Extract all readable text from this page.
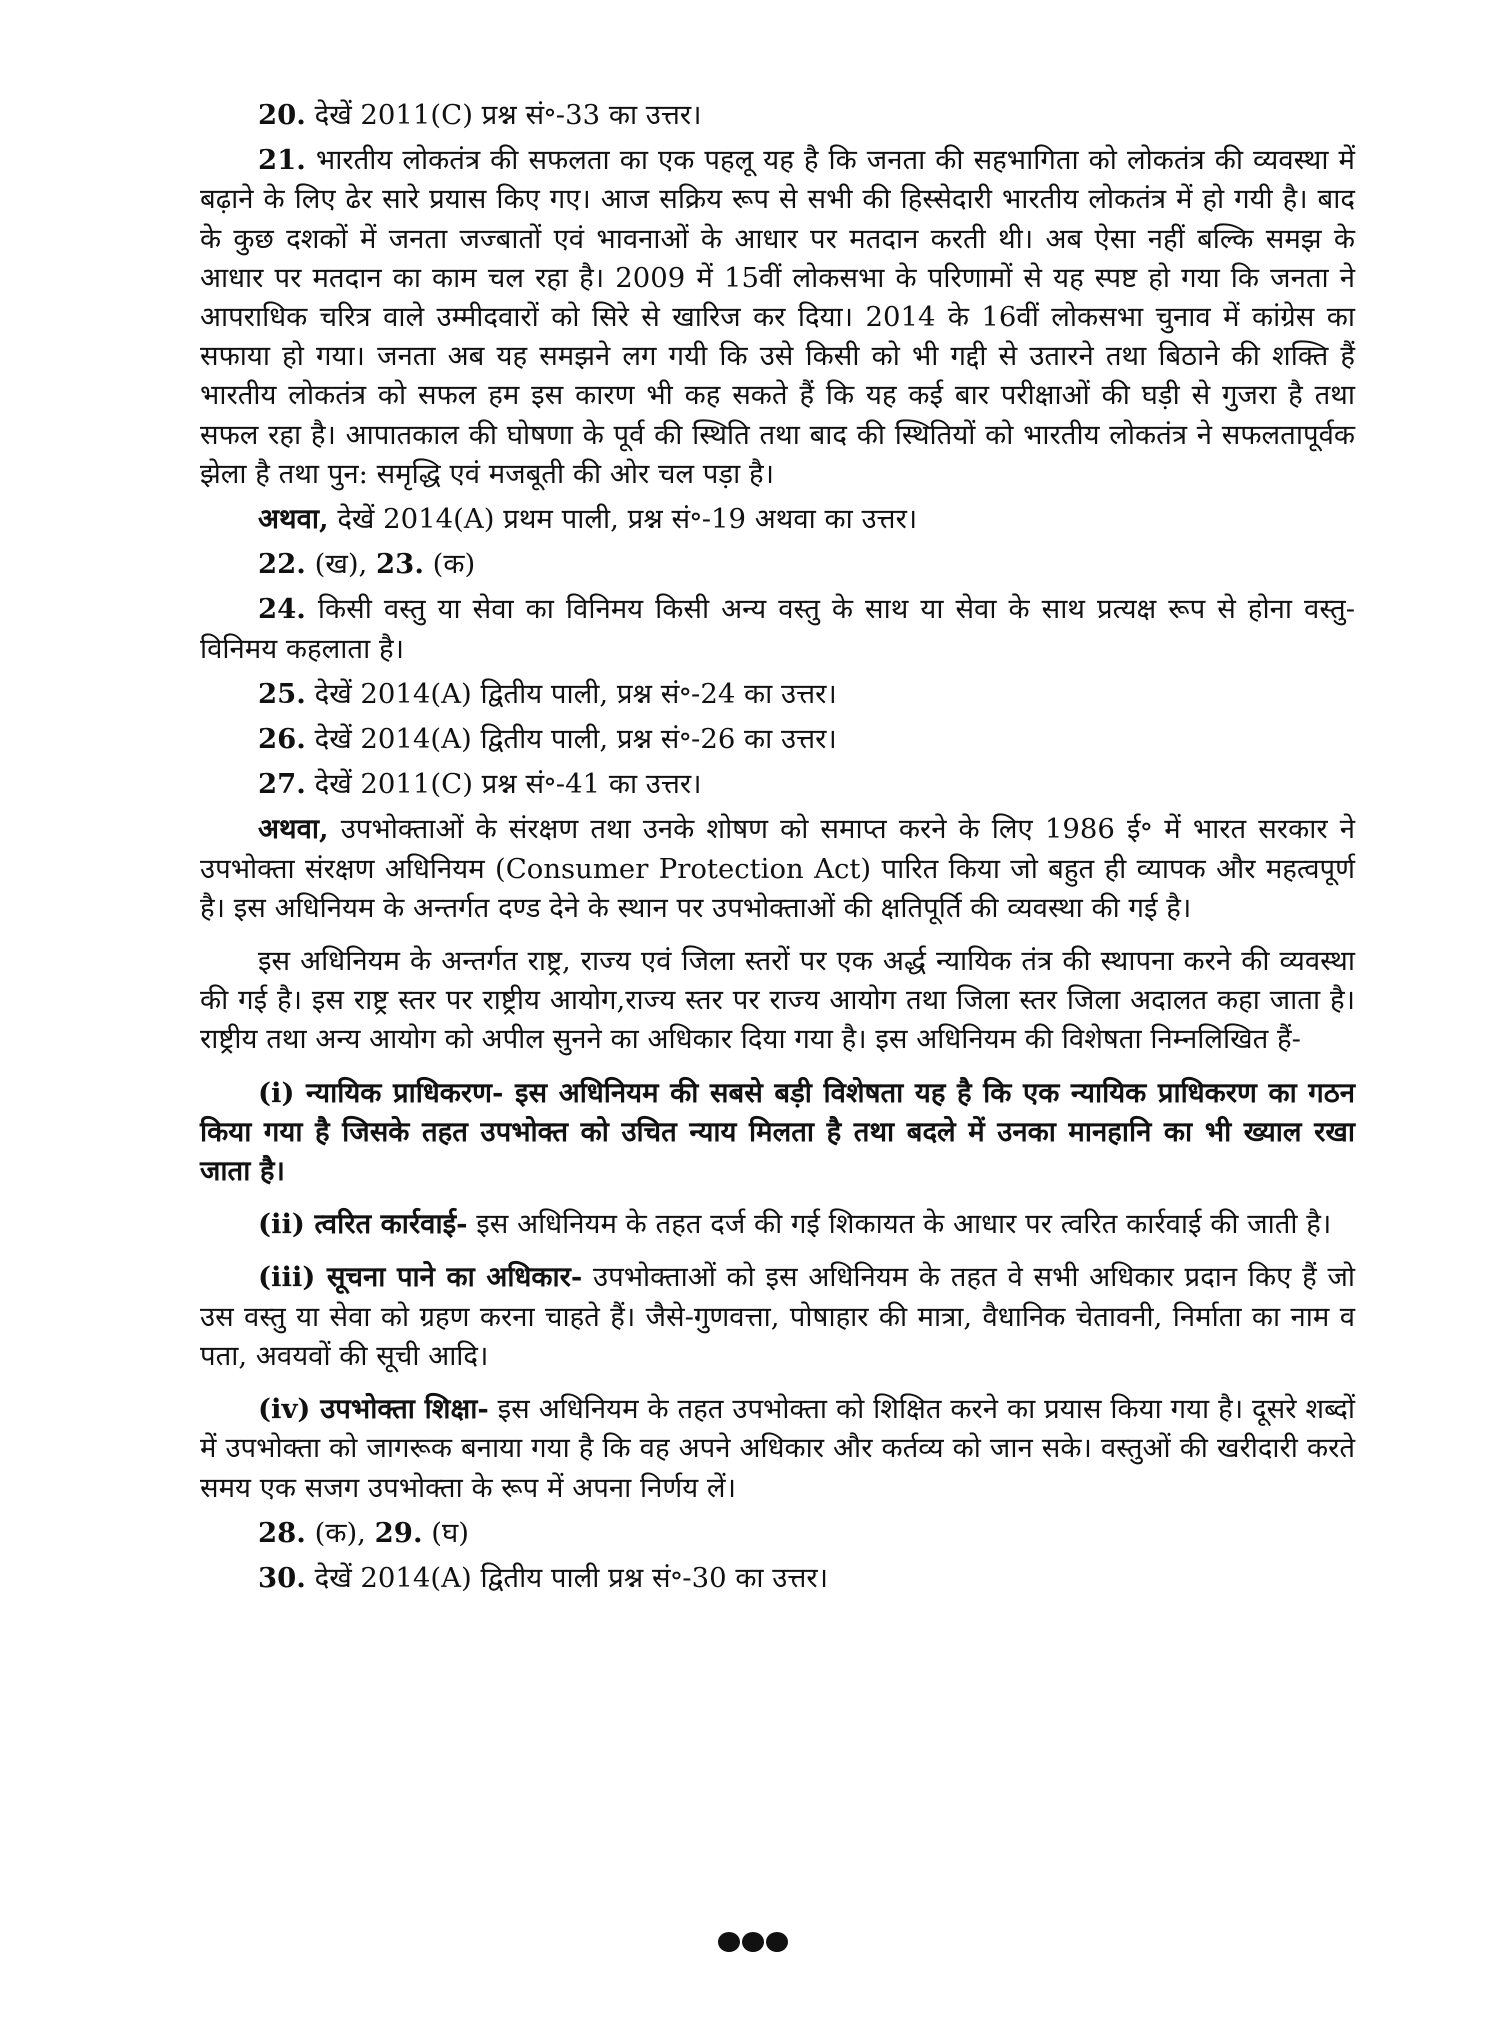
20. देखें 2011(C) प्रश्न सं॰-33 का उत्तर।

21. भारतीय लोकतंत्र की सफलता का एक पहलू यह है कि जनता की सहभागिता को लोकतंत्र की व्यवस्था में बढ़ाने के लिए ढेर सारे प्रयास किए गए। आज सक्रिय रूप से सभी की हिस्सेदारी भारतीय लोकतंत्र में हो गयी है। बाद के कुछ दशकों में जनता जज्बातों एवं भावनाओं के आधार पर मतदान करती थी। अब ऐसा नहीं बल्कि समझ के आधार पर मतदान का काम चल रहा है। 2009 में 15वीं लोकसभा के परिणामों से यह स्पष्ट हो गया कि जनता ने आपराधिक चरित्र वाले उम्मीदवारों को सिरे से खारिज कर दिया। 2014 के 16वीं लोकसभा चुनाव में कांग्रेस का सफाया हो गया। जनता अब यह समझने लग गयी कि उसे किसी को भी गद्दी से उतारने तथा बिठाने की शक्ति हैं भारतीय लोकतंत्र को सफल हम इस कारण भी कह सकते हैं कि यह कई बार परीक्षाओं की घड़ी से गुजरा है तथा सफल रहा है। आपातकाल की घोषणा के पूर्व की स्थिति तथा बाद की स्थितियों को भारतीय लोकतंत्र ने सफलतापूर्वक झेला है तथा पुन: समृद्धि एवं मजबूती की ओर चल पड़ा है।

अथवा, देखें 2014(A) प्रथम पाली, प्रश्न सं॰-19 अथवा का उत्तर।

22. (ख), 23. (क)

24. किसी वस्तु या सेवा का विनिमय किसी अन्य वस्तु के साथ या सेवा के साथ प्रत्यक्ष रूप से होना वस्तु-विनिमय कहलाता है।

25. देखें 2014(A) द्वितीय पाली, प्रश्न सं॰-24 का उत्तर।

26. देखें 2014(A) द्वितीय पाली, प्रश्न सं॰-26 का उत्तर।

27. देखें 2011(C) प्रश्न सं॰-41 का उत्तर।

अथवा, उपभोक्ताओं के संरक्षण तथा उनके शोषण को समाप्त करने के लिए 1986 ई॰ में भारत सरकार ने उपभोक्ता संरक्षण अधिनियम (Consumer Protection Act) पारित किया जो बहुत ही व्यापक और महत्वपूर्ण है। इस अधिनियम के अन्तर्गत दण्ड देने के स्थान पर उपभोक्ताओं की क्षतिपूर्ति की व्यवस्था की गई है।

इस अधिनियम के अन्तर्गत राष्ट्र, राज्य एवं जिला स्तरों पर एक अर्द्ध न्यायिक तंत्र की स्थापना करने की व्यवस्था की गई है। इस राष्ट्र स्तर पर राष्ट्रीय आयोग,राज्य स्तर पर राज्य आयोग तथा जिला स्तर जिला अदालत कहा जाता है। राष्ट्रीय तथा अन्य आयोग को अपील सुनने का अधिकार दिया गया है। इस अधिनियम की विशेषता निम्नलिखित हैं-

(i) न्यायिक प्राधिकरण- इस अधिनियम की सबसे बड़ी विशेषता यह है कि एक न्यायिक प्राधिकरण का गठन किया गया है जिसके तहत उपभोक्त को उचित न्याय मिलता है तथा बदले में उनका मानहानि का भी ख्याल रखा जाता है।

(ii) त्वरित कार्रवाई- इस अधिनियम के तहत दर्ज की गई शिकायत के आधार पर त्वरित कार्रवाई की जाती है।

(iii) सूचना पाने का अधिकार- उपभोक्ताओं को इस अधिनियम के तहत वे सभी अधिकार प्रदान किए हैं जो उस वस्तु या सेवा को ग्रहण करना चाहते हैं। जैसे-गुणवत्ता, पोषाहार की मात्रा, वैधानिक चेतावनी, निर्माता का नाम व पता, अवयवों की सूची आदि।

(iv) उपभोक्ता शिक्षा- इस अधिनियम के तहत उपभोक्ता को शिक्षित करने का प्रयास किया गया है। दूसरे शब्दों में उपभोक्ता को जागरूक बनाया गया है कि वह अपने अधिकार और कर्तव्य को जान सके। वस्तुओं की खरीदारी करते समय एक सजग उपभोक्ता के रूप में अपना निर्णय लें।

28. (क), 29. (घ)

30. देखें 2014(A) द्वितीय पाली प्रश्न सं॰-30 का उत्तर।
